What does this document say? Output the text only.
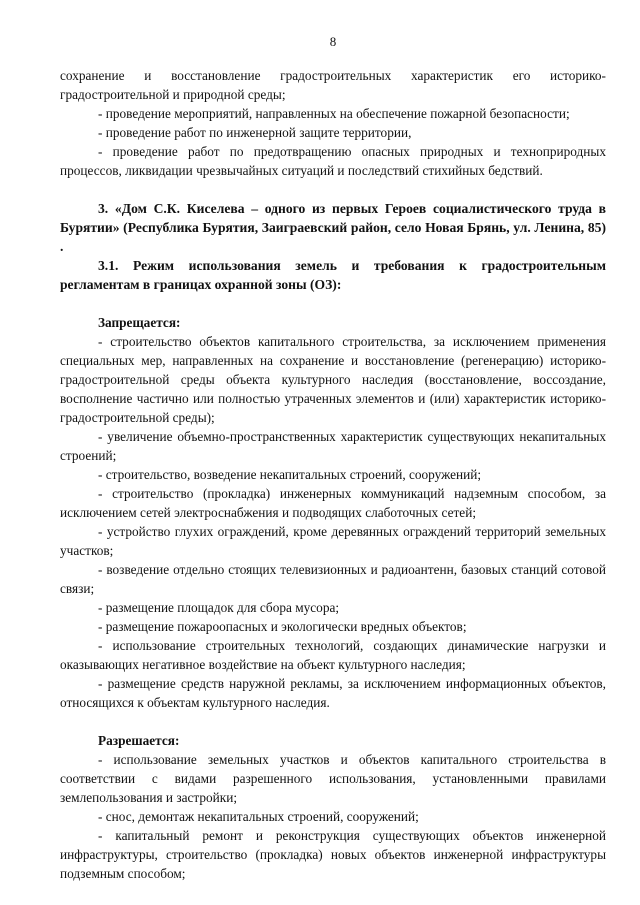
8

сохранение и восстановление градостроительных характеристик его историко-градостроительной и природной среды;

- проведение мероприятий, направленных на обеспечение пожарной безопасности;

- проведение работ по инженерной защите территории,

- проведение работ по предотвращению опасных природных и технoприродных процессов, ликвидации чрезвычайных ситуаций и последствий стихийных бедствий.

3. «Дом С.К. Киселева – одного из первых Героев социалистического труда в Бурятии» (Республика Бурятия, Заиграевский район, село Новая Брянь, ул. Ленина, 85) .

3.1. Режим использования земель и требования к градостроительным регламентам в границах охранной зоны (ОЗ):

Запрещается:

- строительство объектов капитального строительства, за исключением применения специальных мер, направленных на сохранение и восстановление (регенерацию) историко-градостроительной среды объекта культурного наследия (восстановление, воссоздание, восполнение частично или полностью утраченных элементов и (или) характеристик историко-градостроительной среды);

- увеличение объемно-пространственных характеристик существующих некапитальных строений;

- строительство, возведение некапитальных строений, сооружений;

- строительство (прокладка) инженерных коммуникаций надземным способом, за исключением сетей электроснабжения и подводящих слаботочных сетей;

- устройство глухих ограждений, кроме деревянных ограждений территорий земельных участков;

- возведение отдельно стоящих телевизионных и радиоантенн, базовых станций сотовой связи;

- размещение площадок для сбора мусора;

- размещение пожароопасных и экологически вредных объектов;

- использование строительных технологий, создающих динамические нагрузки и оказывающих негативное воздействие на объект культурного наследия;

- размещение средств наружной рекламы, за исключением информационных объектов, относящихся к объектам культурного наследия.

Разрешается:

- использование земельных участков и объектов капитального строительства в соответствии с видами разрешенного использования, установленными правилами землепользования и застройки;

- снос, демонтаж некапитальных строений, сооружений;

- капитальный ремонт и реконструкция существующих объектов инженерной инфраструктуры, строительство (прокладка) новых объектов инженерной инфраструктуры подземным способом;
